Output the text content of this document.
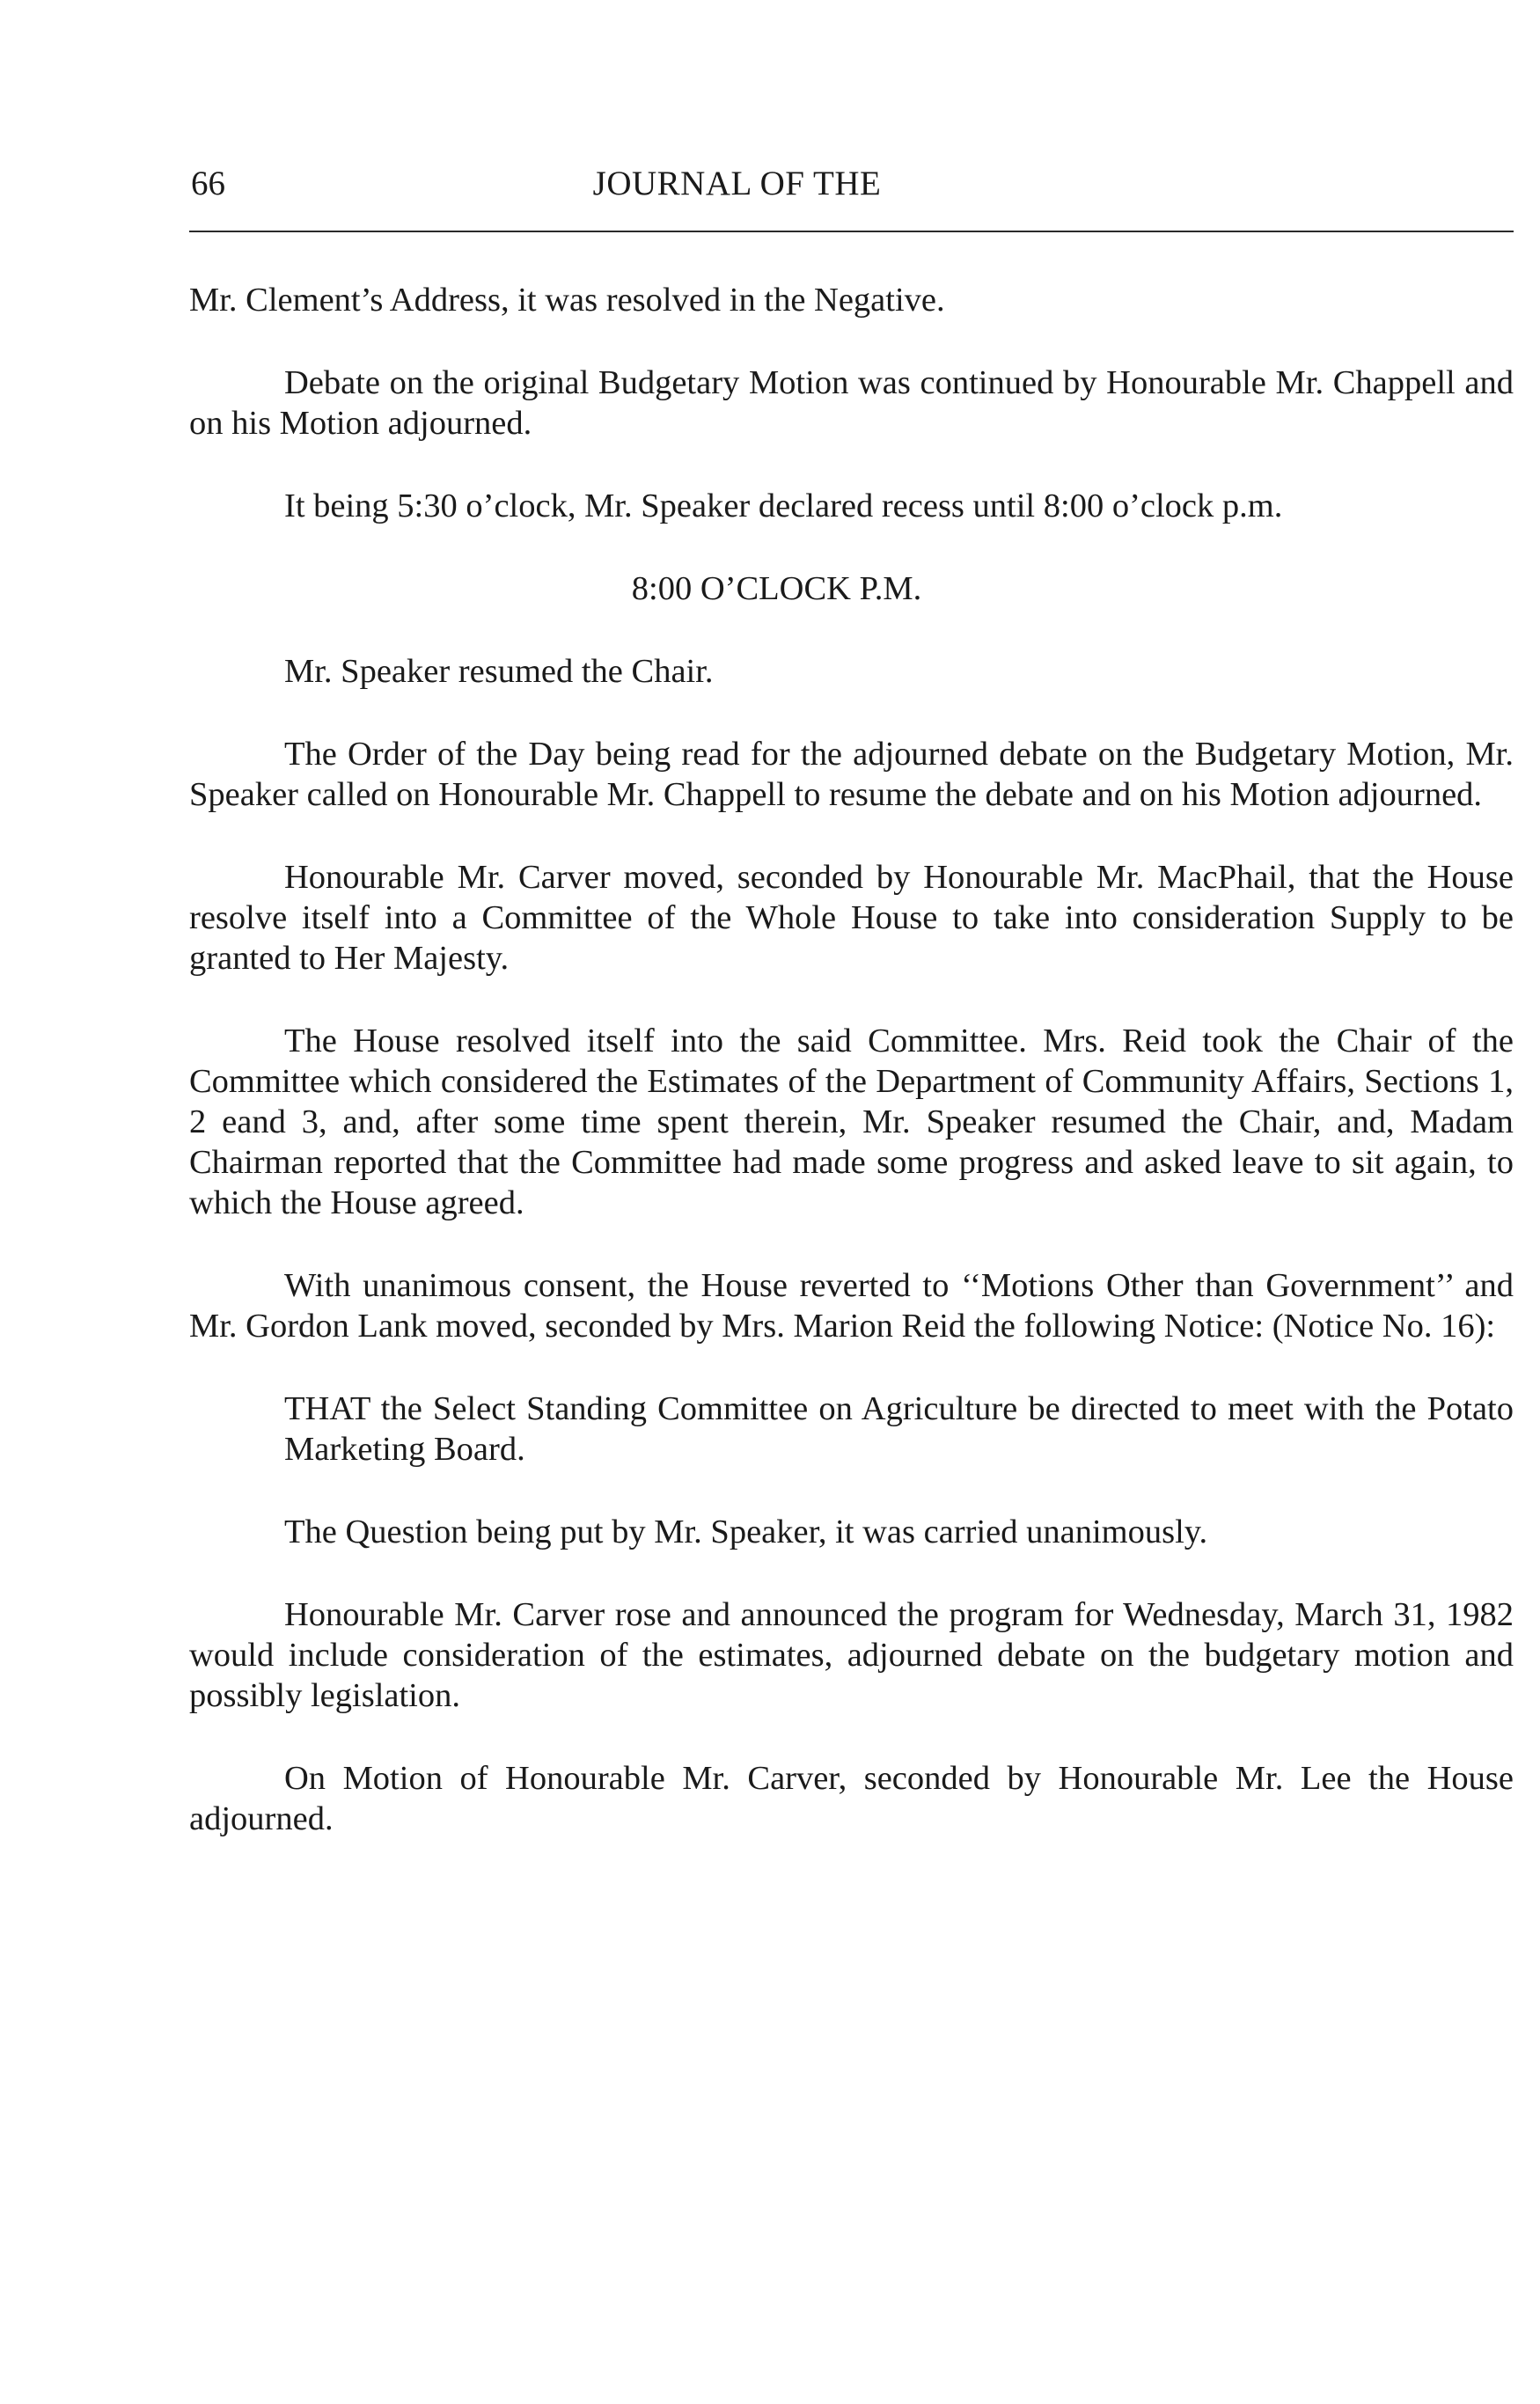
66	JOURNAL OF THE

Mr. Clement’s Address, it was resolved in the Negative.

Debate on the original Budgetary Motion was continued by Honourable Mr. Chappell and on his Motion adjourned.

It being 5:30 o’clock, Mr. Speaker declared recess until 8:00 o’clock p.m.

8:00 O’CLOCK P.M.

Mr. Speaker resumed the Chair.

The Order of the Day being read for the adjourned debate on the Budgetary Motion, Mr. Speaker called on Honourable Mr. Chappell to resume the debate and on his Motion adjourned.

Honourable Mr. Carver moved, seconded by Honourable Mr. MacPhail, that the House resolve itself into a Committee of the Whole House to take into consideration Supply to be granted to Her Majesty.

The House resolved itself into the said Committee. Mrs. Reid took the Chair of the Committee which considered the Estimates of the Department of Community Affairs, Sections 1, 2 eand 3, and, after some time spent therein, Mr. Speaker resumed the Chair, and, Madam Chairman reported that the Committee had made some progress and asked leave to sit again, to which the House agreed.

With unanimous consent, the House reverted to ‘‘Motions Other than Government’’ and Mr. Gordon Lank moved, seconded by Mrs. Marion Reid the following Notice: (Notice No. 16):

THAT the Select Standing Committee on Agriculture be directed to meet with the Potato Marketing Board.

The Question being put by Mr. Speaker, it was carried unanimously.

Honourable Mr. Carver rose and announced the program for Wednesday, March 31, 1982 would include consideration of the estimates, adjourned debate on the budgetary motion and possibly legislation.

On Motion of Honourable Mr. Carver, seconded by Honourable Mr. Lee the House adjourned.
